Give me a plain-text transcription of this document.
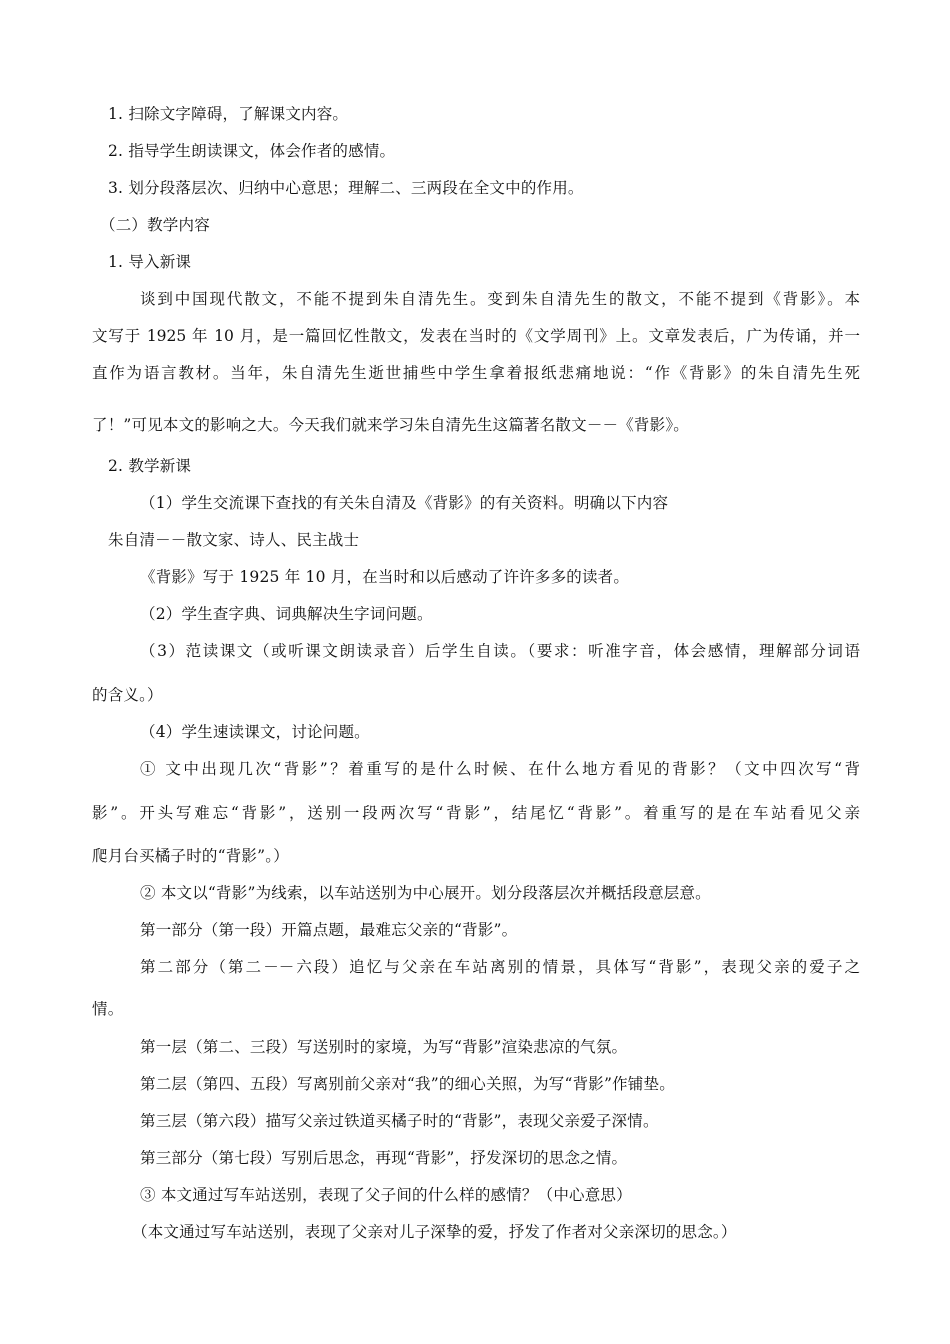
1. 扫除文字障碍，了解课文内容。
2. 指导学生朗读课文，体会作者的感情。
3. 划分段落层次、归纳中心意思；理解二、三两段在全文中的作用。
（二）教学内容
1. 导入新课
谈到中国现代散文，不能不提到朱自清先生。变到朱自清先生的散文，不能不提到《背影》。本
文写于 1925 年 10 月，是一篇回忆性散文，发表在当时的《文学周刊》上。文章发表后，广为传诵，并一
直作为语言教材。当年，朱自清先生逝世捕些中学生拿着报纸悲痛地说：“作《背影》的朱自清先生死
了！”可见本文的影响之大。今天我们就来学习朱自清先生这篇著名散文－－《背影》。
2. 教学新课
（1）学生交流课下查找的有关朱自清及《背影》的有关资料。明确以下内容
朱自清－－散文家、诗人、民主战士
《背影》写于 1925 年 10 月，在当时和以后感动了许许多多的读者。
（2）学生查字典、词典解决生字词问题。
（3）范读课文（或听课文朗读录音）后学生自读。（要求：听准字音，体会感情，理解部分词语
的含义。）
（4）学生速读课文，讨论问题。
① 文中出现几次“背影”？着重写的是什么时候、在什么地方看见的背影？（文中四次写“背
影”。开头写难忘“背影”，送别一段两次写“背影”，结尾忆“背影”。着重写的是在车站看见父亲
爬月台买橘子时的“背影”。）
② 本文以“背影”为线索，以车站送别为中心展开。划分段落层次并概括段意层意。
第一部分（第一段）开篇点题，最难忘父亲的“背影”。
第二部分（第二－－六段）追忆与父亲在车站离别的情景，具体写“背影”，表现父亲的爱子之
情。
第一层（第二、三段）写送别时的家境，为写“背影”渲染悲凉的气氛。
第二层（第四、五段）写离别前父亲对“我”的细心关照，为写“背影”作铺垫。
第三层（第六段）描写父亲过铁道买橘子时的“背影”，表现父亲爱子深情。
第三部分（第七段）写别后思念，再现“背影”，抒发深切的思念之情。
③ 本文通过写车站送别，表现了父子间的什么样的感情？（中心意思）
（本文通过写车站送别，表现了父亲对儿子深挚的爱，抒发了作者对父亲深切的思念。）
